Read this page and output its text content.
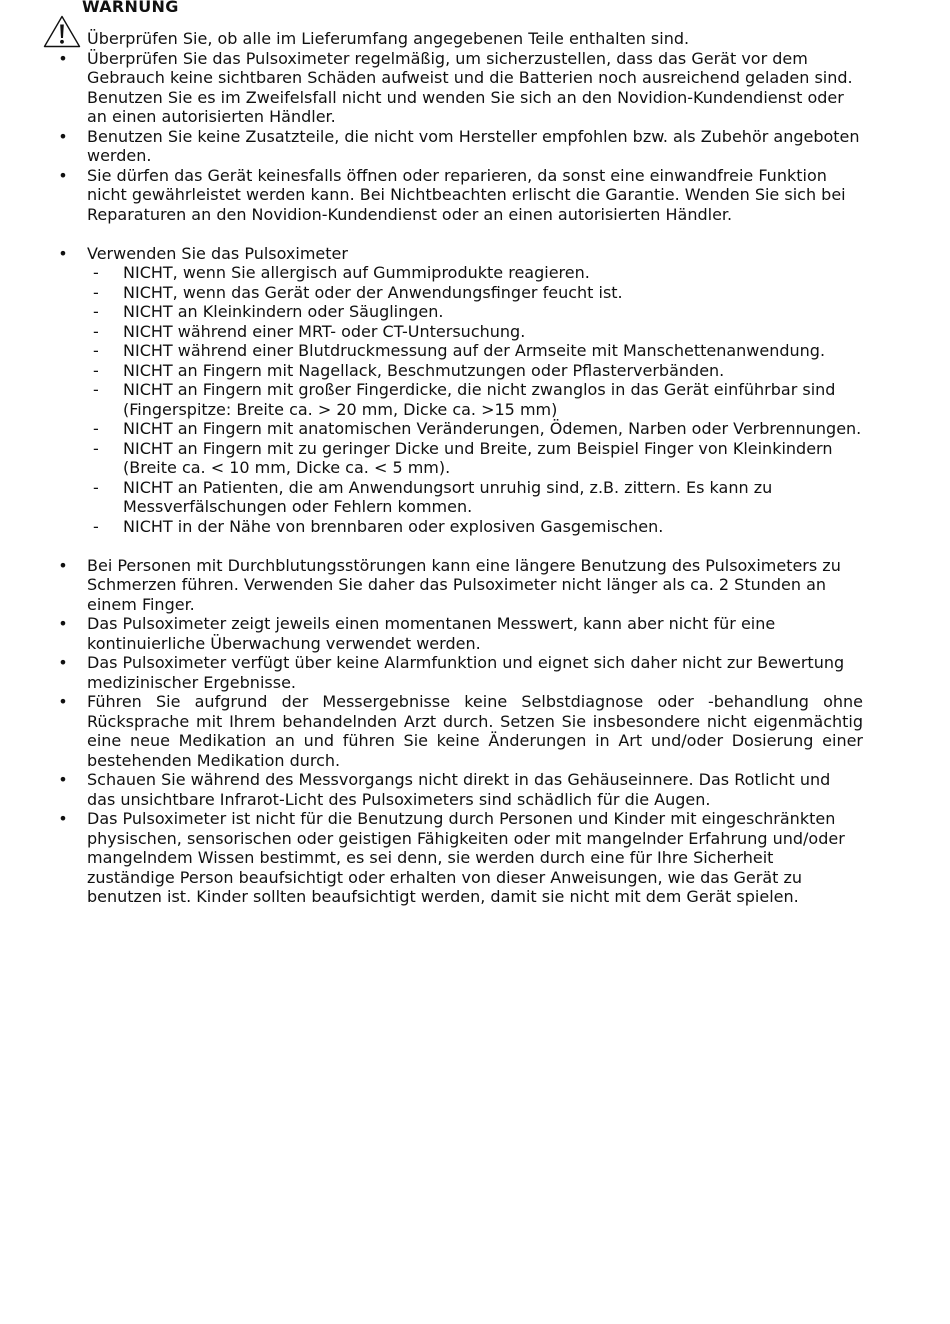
WARNUNG
Überprüfen Sie, ob alle im Lieferumfang angegebenen Teile enthalten sind.
• Überprüfen Sie das Pulsoximeter regelmäßig, um sicherzustellen, dass das Gerät vor dem Gebrauch keine sichtbaren Schäden aufweist und die Batterien noch ausreichend geladen sind. Benutzen Sie es im Zweifelsfall nicht und wenden Sie sich an den Novidion-Kundendienst oder an einen autorisierten Händler.
• Benutzen Sie keine Zusatzteile, die nicht vom Hersteller empfohlen bzw. als Zubehör angeboten werden.
• Sie dürfen das Gerät keinesfalls öffnen oder reparieren, da sonst eine einwandfreie Funktion nicht gewährleistet werden kann. Bei Nichtbeachten erlischt die Garantie. Wenden Sie sich bei Reparaturen an den Novidion-Kundendienst oder an einen autorisierten Händler.
• Verwenden Sie das Pulsoximeter
- NICHT, wenn Sie allergisch auf Gummiprodukte reagieren.
- NICHT, wenn das Gerät oder der Anwendungsfinger feucht ist.
- NICHT an Kleinkindern oder Säuglingen.
- NICHT während einer MRT- oder CT-Untersuchung.
- NICHT während einer Blutdruckmessung auf der Armseite mit Manschettenanwendung.
- NICHT an Fingern mit Nagellack, Beschmutzungen oder Pflasterverbänden.
- NICHT an Fingern mit großer Fingerdicke, die nicht zwanglos in das Gerät einführbar sind (Fingerspitze: Breite ca. > 20 mm, Dicke ca. >15 mm)
- NICHT an Fingern mit anatomischen Veränderungen, Ödemen, Narben oder Verbrennungen.
- NICHT an Fingern mit zu geringer Dicke und Breite, zum Beispiel Finger von Kleinkindern (Breite ca. < 10 mm, Dicke ca. < 5 mm).
- NICHT an Patienten, die am Anwendungsort unruhig sind, z.B. zittern. Es kann zu Messverfälschungen oder Fehlern kommen.
- NICHT in der Nähe von brennbaren oder explosiven Gasgemischen.
• Bei Personen mit Durchblutungsstörungen kann eine längere Benutzung des Pulsoximeters zu Schmerzen führen. Verwenden Sie daher das Pulsoximeter nicht länger als ca. 2 Stunden an einem Finger.
• Das Pulsoximeter zeigt jeweils einen momentanen Messwert, kann aber nicht für eine kontinuierliche Überwachung verwendet werden.
• Das Pulsoximeter verfügt über keine Alarmfunktion und eignet sich daher nicht zur Bewertung medizinischer Ergebnisse.
• Führen Sie aufgrund der Messergebnisse keine Selbstdiagnose oder -behandlung ohne Rücksprache mit Ihrem behandelnden Arzt durch. Setzen Sie insbesondere nicht eigenmächtig eine neue Medikation an und führen Sie keine Änderungen in Art und/oder Dosierung einer bestehenden Medikation durch.
• Schauen Sie während des Messvorgangs nicht direkt in das Gehäuseinnere. Das Rotlicht und das unsichtbare Infrarot-Licht des Pulsoximeters sind schädlich für die Augen.
• Das Pulsoximeter ist nicht für die Benutzung durch Personen und Kinder mit eingeschränkten physischen, sensorischen oder geistigen Fähigkeiten oder mit mangelnder Erfahrung und/oder mangelndem Wissen bestimmt, es sei denn, sie werden durch eine für Ihre Sicherheit zuständige Person beaufsichtigt oder erhalten von dieser Anweisungen, wie das Gerät zu benutzen ist. Kinder sollten beaufsichtigt werden, damit sie nicht mit dem Gerät spielen.
